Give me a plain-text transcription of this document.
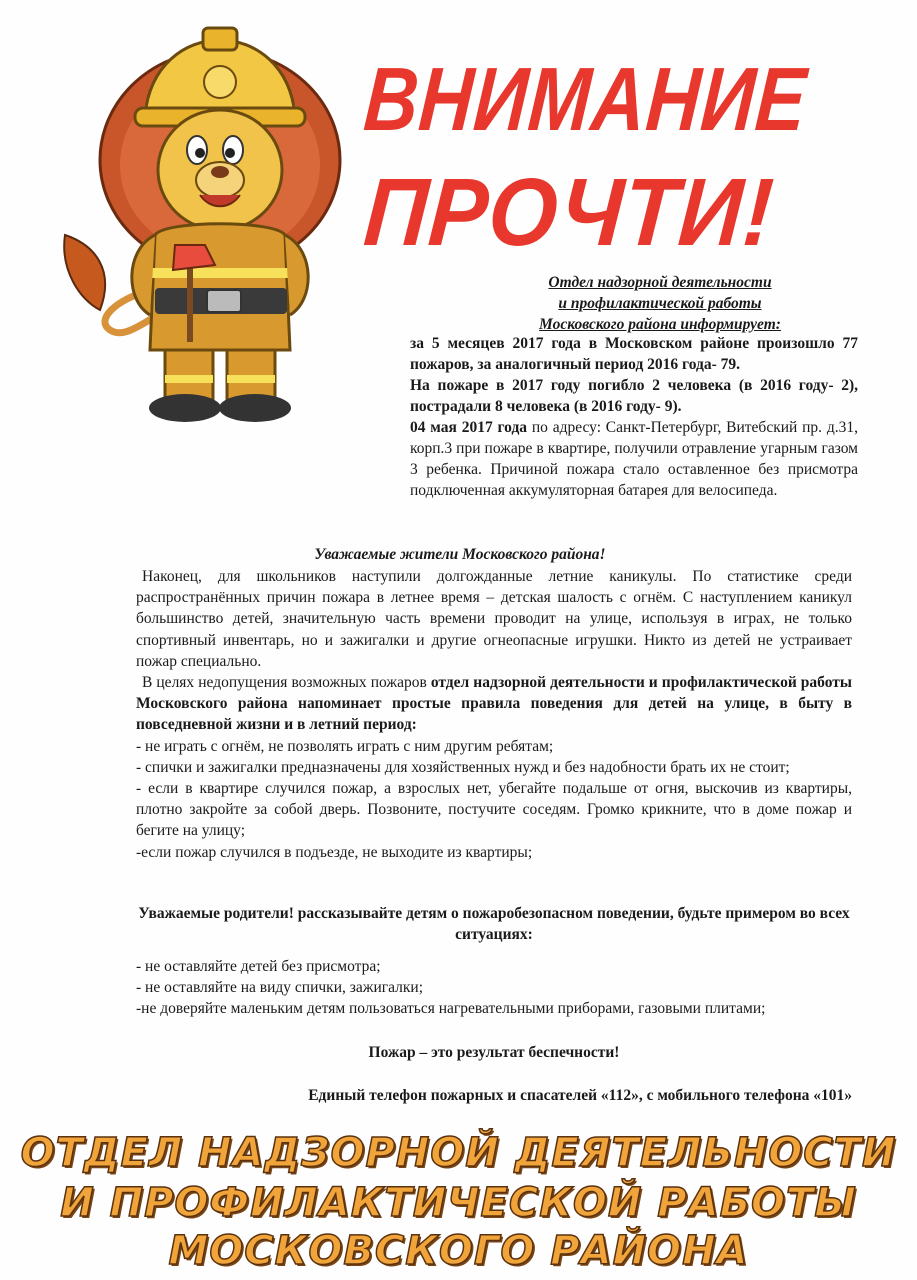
ВНИМАНИЕ
ПРОЧТИ!
Отдел надзорной деятельности
и профилактической работы
Московского района информирует:

за 5 месяцев 2017 года в Московском районе произошло 77 пожаров, за аналогичный период 2016 года- 79.

На пожаре в 2017 году погибло 2 человека (в 2016 году- 2), пострадали 8 человека (в 2016 году- 9).

04 мая 2017 года по адресу: Санкт-Петербург, Витебский пр. д.31, корп.3 при пожаре в квартире, получили отравление угарным газом 3 ребенка. Причиной пожара стало оставленное без присмотра подключенная аккумуляторная батарея для велосипеда.

Уважаемые жители Московского района!

Наконец, для школьников наступили долгожданные летние каникулы. По статистике среди распространённых причин пожара в летнее время – детская шалость с огнём. С наступлением каникул большинство детей, значительную часть времени проводит на улице, используя в играх, не только спортивный инвентарь, но и зажигалки и другие огнеопасные игрушки. Никто из детей не устраивает пожар специально.

В целях недопущения возможных пожаров отдел надзорной деятельности и профилактической работы Московского района напоминает простые правила поведения для детей на улице, в быту в повседневной жизни и в летний период:

- не играть с огнём, не позволять играть с ним другим ребятам;

- спички и зажигалки предназначены для хозяйственных нужд и без надобности брать их не стоит;

- если в квартире случился пожар, а взрослых нет, убегайте подальше от огня, выскочив из квартиры, плотно закройте за собой дверь. Позвоните, постучите соседям. Громко крикните, что в доме пожар и бегите на улицу;

-если пожар случился в подъезде, не выходите из квартиры;

Уважаемые родители! рассказывайте детям о пожаробезопасном поведении, будьте примером во всех ситуациях:

- не оставляйте детей без присмотра;

- не оставляйте на виду спички, зажигалки;

-не доверяйте маленьким детям пользоваться нагревательными приборами, газовыми плитами;

Пожар – это результат беспечности!
Единый телефон пожарных и спасателей «112», с мобильного телефона «101»
ОТДЕЛ НАДЗОРНОЙ ДЕЯТЕЛЬНОСТИ
И ПРОФИЛАКТИЧЕСКОЙ РАБОТЫ
МОСКОВСКОГО РАЙОНА
